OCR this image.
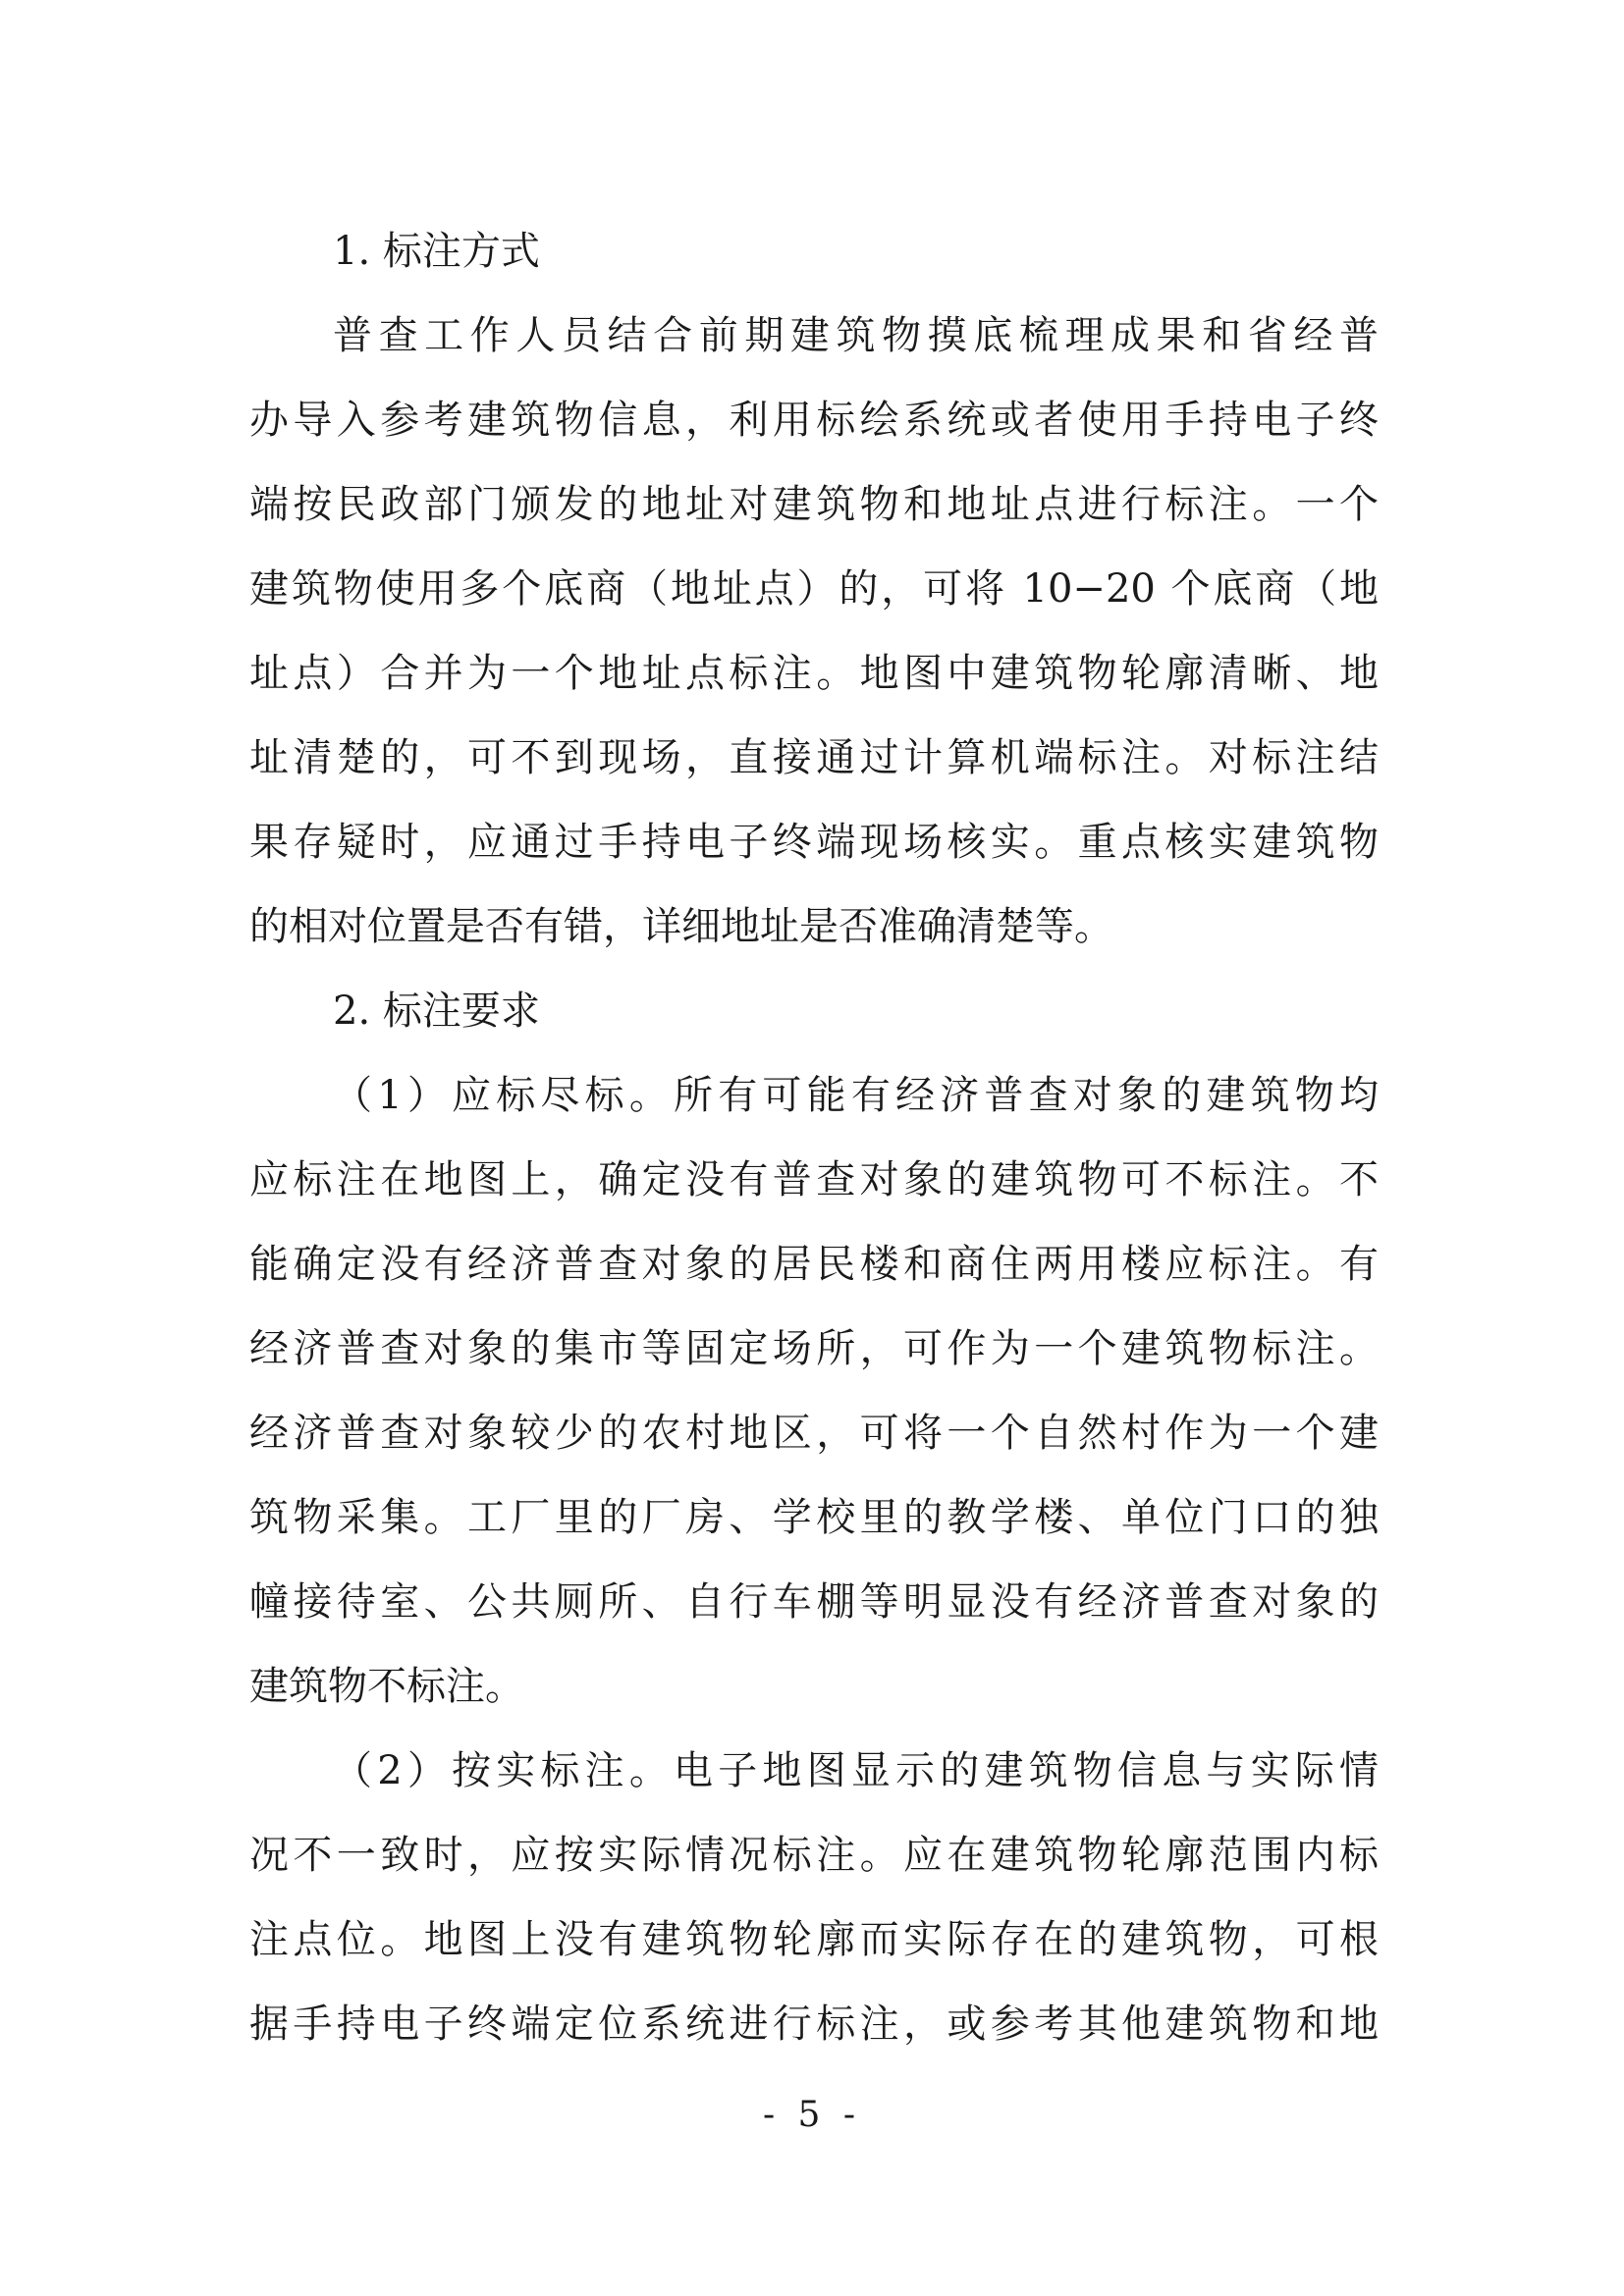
1. 标注方式
普查工作人员结合前期建筑物摸底梳理成果和省经普
办导入参考建筑物信息，利用标绘系统或者使用手持电子终
端按民政部门颁发的地址对建筑物和地址点进行标注。一个
建筑物使用多个底商（地址点）的，可将 10−20 个底商（地
址点）合并为一个地址点标注。地图中建筑物轮廓清晰、地
址清楚的，可不到现场，直接通过计算机端标注。对标注结
果存疑时，应通过手持电子终端现场核实。重点核实建筑物
的相对位置是否有错，详细地址是否准确清楚等。
2. 标注要求
（1）应标尽标。所有可能有经济普查对象的建筑物均
应标注在地图上，确定没有普查对象的建筑物可不标注。不
能确定没有经济普查对象的居民楼和商住两用楼应标注。有
经济普查对象的集市等固定场所，可作为一个建筑物标注。
经济普查对象较少的农村地区，可将一个自然村作为一个建
筑物采集。工厂里的厂房、学校里的教学楼、单位门口的独
幢接待室、公共厕所、自行车棚等明显没有经济普查对象的
建筑物不标注。
（2）按实标注。电子地图显示的建筑物信息与实际情
况不一致时，应按实际情况标注。应在建筑物轮廓范围内标
注点位。地图上没有建筑物轮廓而实际存在的建筑物，可根
据手持电子终端定位系统进行标注，或参考其他建筑物和地
- 5 -
